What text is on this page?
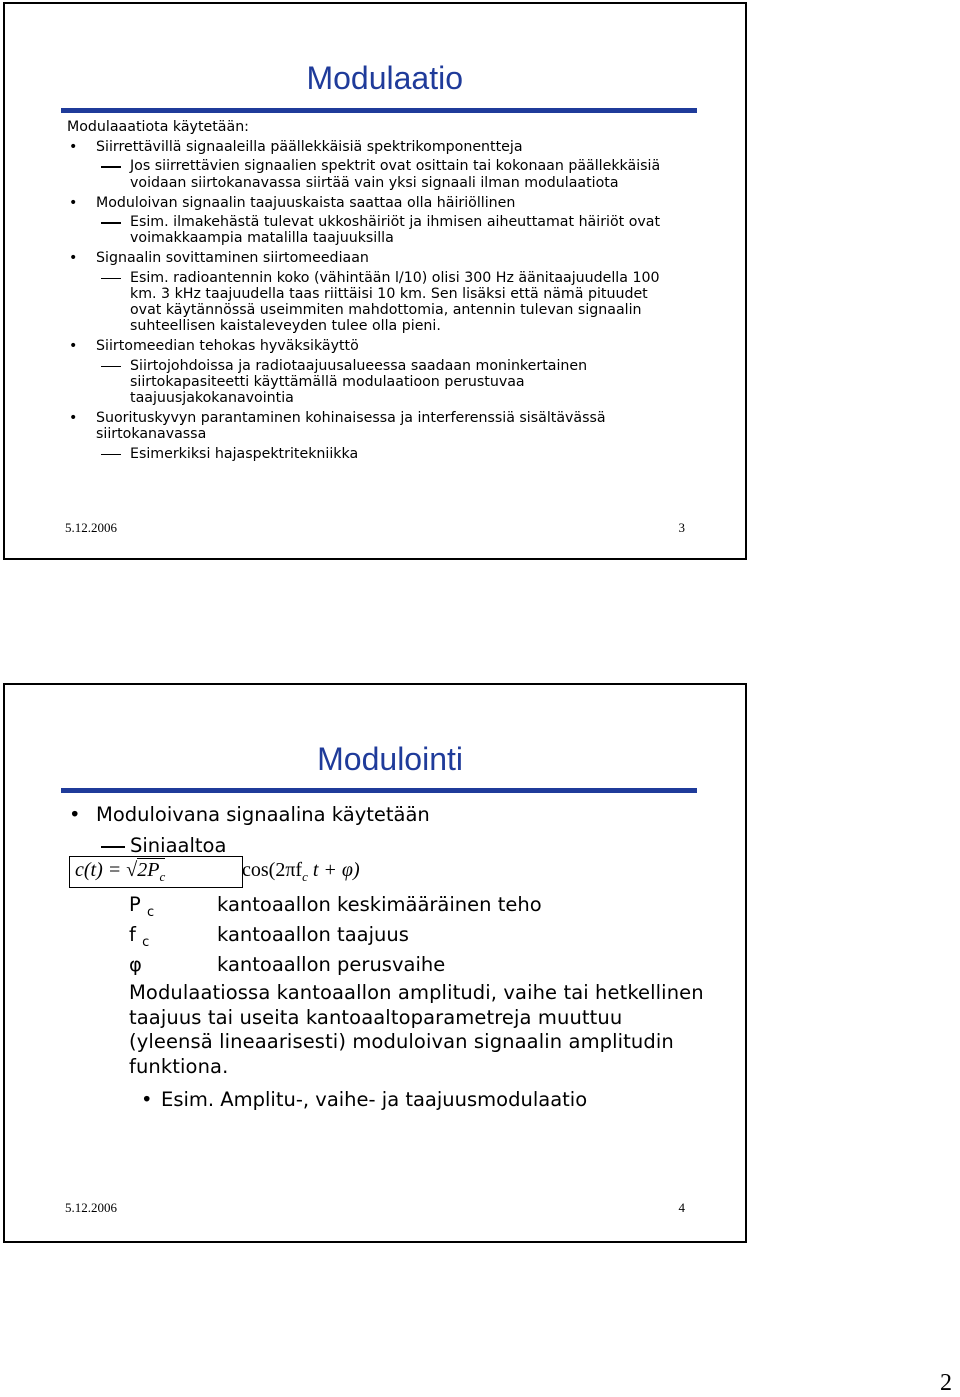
Modulaatio
Modulaaatiota käytetään:
• Siirrettävillä signaaleilla päällekkäisiä spektrikomponentteja
Jos siirrettävien signaalien spektrit ovat osittain tai kokonaan päällekkäisiä voidaan siirtokanavassa siirtää vain yksi signaali ilman modulaatiota
• Moduloivan signaalin taajuuskaista saattaa olla häiriöllinen
Esim. ilmakehästä tulevat ukkoshäiriöt ja ihmisen aiheuttamat häiriöt ovat voimakkaampia matalilla taajuuksilla
• Signaalin sovittaminen siirtomeediaan
Esim. radioantennin koko (vähintään l/10) olisi 300 Hz äänitaajuudella 100 km. 3 kHz taajuudella taas riittäisi 10 km. Sen lisäksi että nämä pituudet ovat käytännössä useimmiten mahdottomia, antennin tulevan signaalin suhteellisen kaistaleveyden tulee olla pieni.
• Siirtomeedian tehokas hyväksikäyttö
Siirtojohdoissa ja radiotaajuusalueessa saadaan moninkertainen siirtokapasiteetti käyttämällä modulaatioon perustuvaa taajuusjakokanavointia
• Suorituskyvyn parantaminen kohinaisessa ja interferenssiä sisältävässä siirtokanavassa
Esimerkiksi hajaspektritekniikka
5.12.2006	3
Modulointi
• Moduloivana signaalina käytetään
Siniaaltoa
$c(t) = √2P_c$	$\cos(2\pi f_c$ t + φ)
P $_c$	kantoaallon keskimääräinen teho
f $_c$	kantoaallon taajuus
φ	kantoaallon perusvaihe
Modulaatiossa kantoaallon amplitudi, vaihe tai hetkellinen taajuus tai useita kantoaaltoparametreja muuttuu (yleensä lineaarisesti) moduloivan signaalin amplitudin funktiona.
• Esim. Amplitu-, vaihe- ja taajuusmodulaatio
5.12.2006	4
2
